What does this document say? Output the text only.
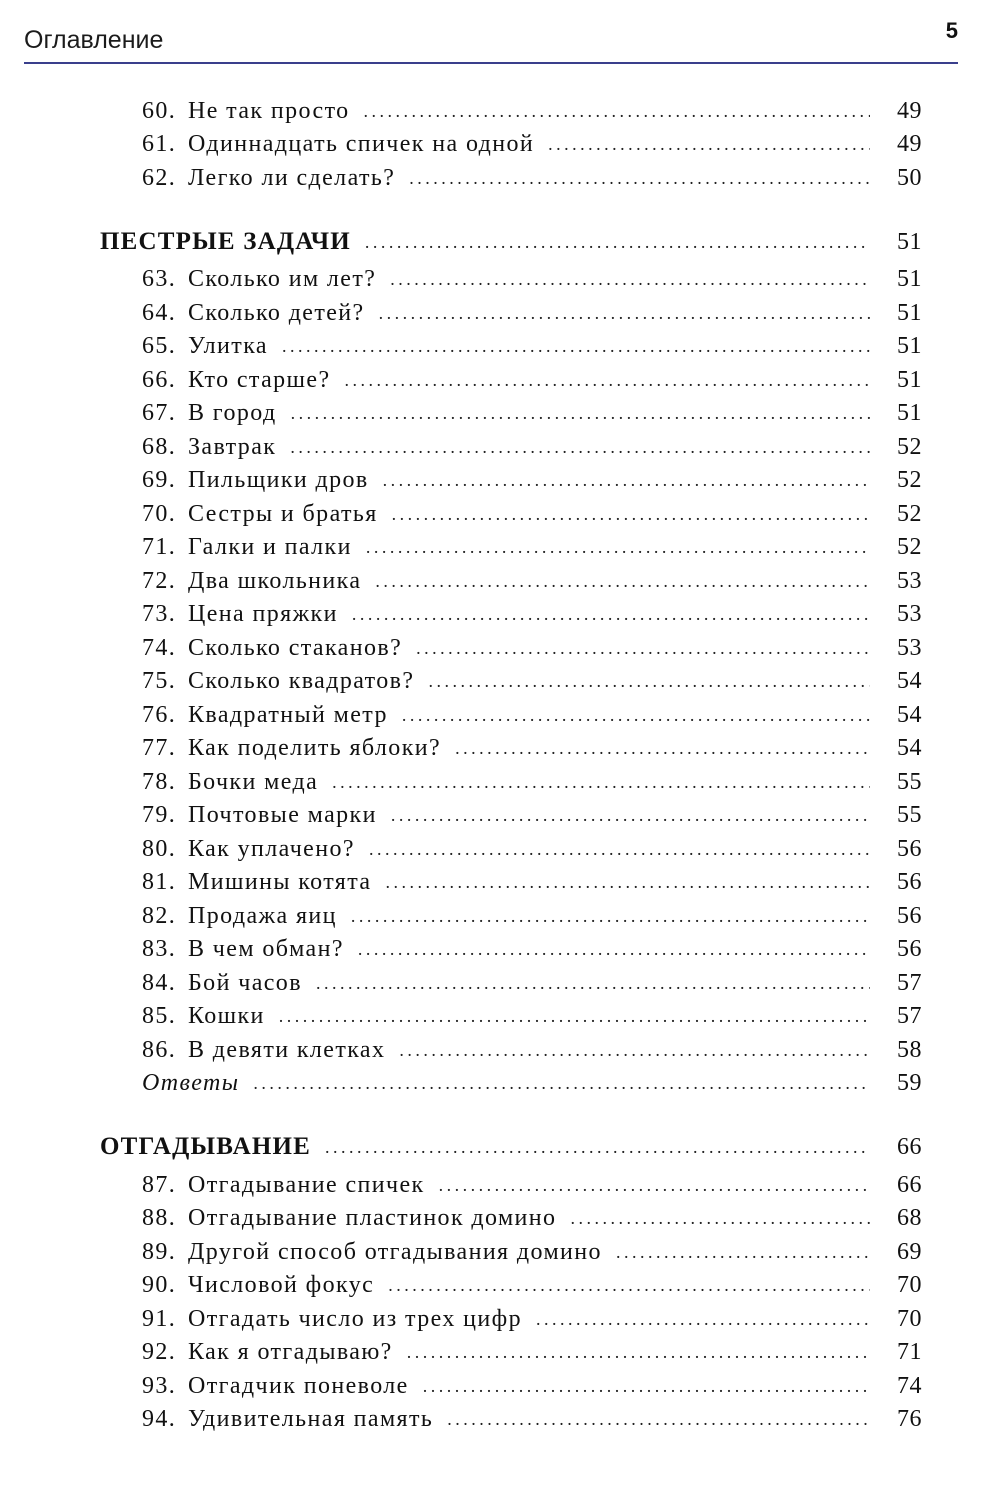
Оглавление	5
60. Не так просто . . .	49
61. Одиннадцать спичек на одной . . .	49
62. Легко ли сделать? . . .	50
ПЕСТРЫЕ ЗАДАЧИ . . .	51
63. Сколько им лет? . . .	51
64. Сколько детей? . . .	51
65. Улитка . . .	51
66. Кто старше? . . .	51
67. В город . . .	51
68. Завтрак . . .	52
69. Пильщики дров . . .	52
70. Сестры и братья . . .	52
71. Галки и палки . . .	52
72. Два школьника . . .	53
73. Цена пряжки . . .	53
74. Сколько стаканов? . . .	53
75. Сколько квадратов? . . .	54
76. Квадратный метр . . .	54
77. Как поделить яблоки? . . .	54
78. Бочки меда . . .	55
79. Почтовые марки . . .	55
80. Как уплачено? . . .	56
81. Мишины котята . . .	56
82. Продажа яиц . . .	56
83. В чем обман? . . .	56
84. Бой часов . . .	57
85. Кошки . . .	57
86. В девяти клетках . . .	58
Ответы . . .	59
ОТГАДЫВАНИЕ . . .	66
87. Отгадывание спичек . . .	66
88. Отгадывание пластинок домино . . .	68
89. Другой способ отгадывания домино . . .	69
90. Числовой фокус . . .	70
91. Отгадать число из трех цифр . . .	70
92. Как я отгадываю? . . .	71
93. Отгадчик поневоле . . .	74
94. Удивительная память . . .	76
